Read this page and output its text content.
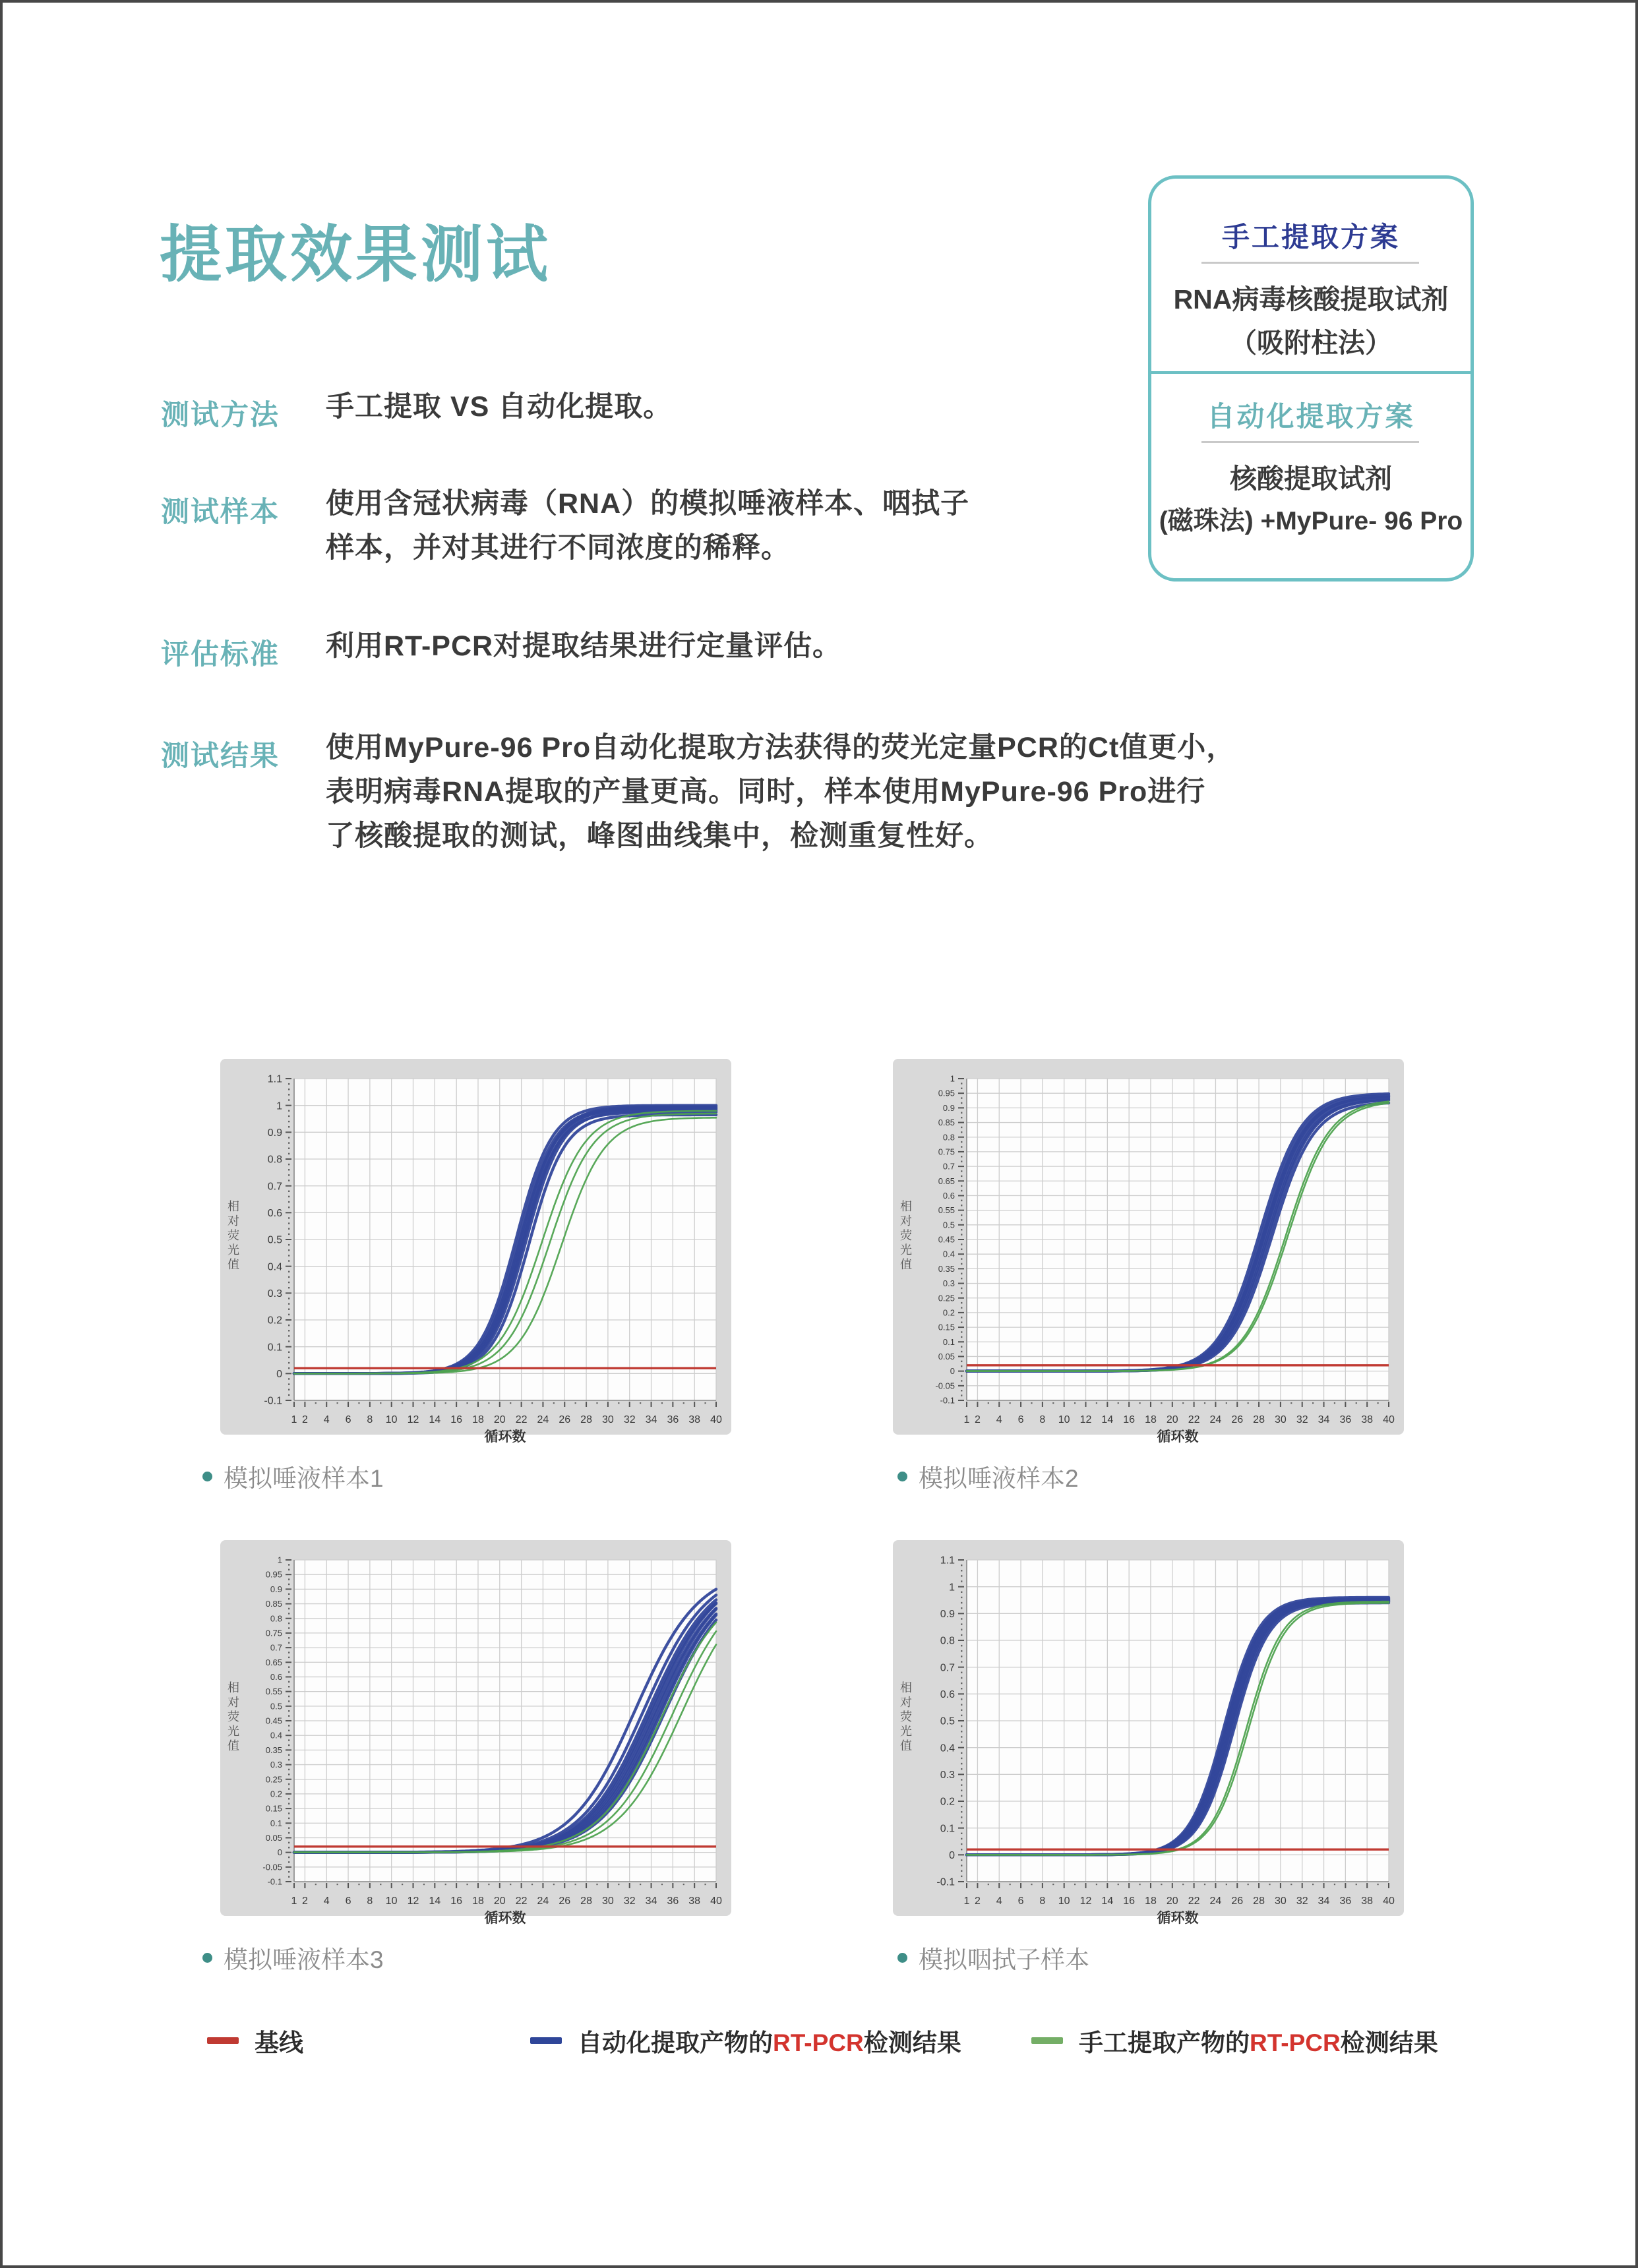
提取效果测试	手工提取方案
RNA病毒核酸提取试剂
（吸附柱法）
自动化提取方案
核酸提取试剂
(磁珠法) +MyPure- 96 Pro
测试方法 手工提取 VS 自动化提取。
测试样本 使用含冠状病毒（RNA）的模拟唾液样本、咽拭子
样本，并对其进行不同浓度的稀释。
评估标准 利用RT-PCR对提取结果进行定量评估。
测试结果 使用MyPure-96 Pro自动化提取方法获得的荧光定量PCR的Ct值更小，
表明病毒RNA提取的产量更高。同时，样本使用MyPure-96 Pro进行
了核酸提取的测试，峰图曲线集中，检测重复性好。
1.1
1
0.9
0.8
0.7
0.6
0.5
0.4
0.3
0.2
0.1
0
-0.1
1 2 4 6 8 10 12 14 16 18 20 22 24 26 28 30 32 34 36 38 40
循环数
相
对
荧
光
值
1
0.95
0.9
0.85
0.8
0.75
0.7
0.65
0.6
0.55
0.5
0.45
0.4
0.35
0.3
0.25
0.2
0.15
0.1
0.05
0
-0.05
-0.1
1 2 4 6 8 10 12 14 16 18 20 22 24 26 28 30 32 34 36 38 40
循环数
相
对
荧
光
值
1
0.95
0.9
0.85
0.8
0.75
0.7
0.65
0.6
0.55
0.5
0.45
0.4
0.35
0.3
0.25
0.2
0.15
0.1
0.05
0
-0.05
-0.1
1 2 4 6 8 10 12 14 16 18 20 22 24 26 28 30 32 34 36 38 40
循环数
相
对
荧
光
值
1.1
1
0.9
0.8
0.7
0.6
0.5
0.4
0.3
0.2
0.1
0
-0.1
1 2 4 6 8 10 12 14 16 18 20 22 24 26 28 30 32 34 36 38 40
循环数
相
对
荧
光
值
模拟唾液样本1	模拟唾液样本2
模拟唾液样本3	模拟咽拭子样本
基线	自动化提取产物的RT-PCR检测结果	手工提取产物的RT-PCR检测结果
